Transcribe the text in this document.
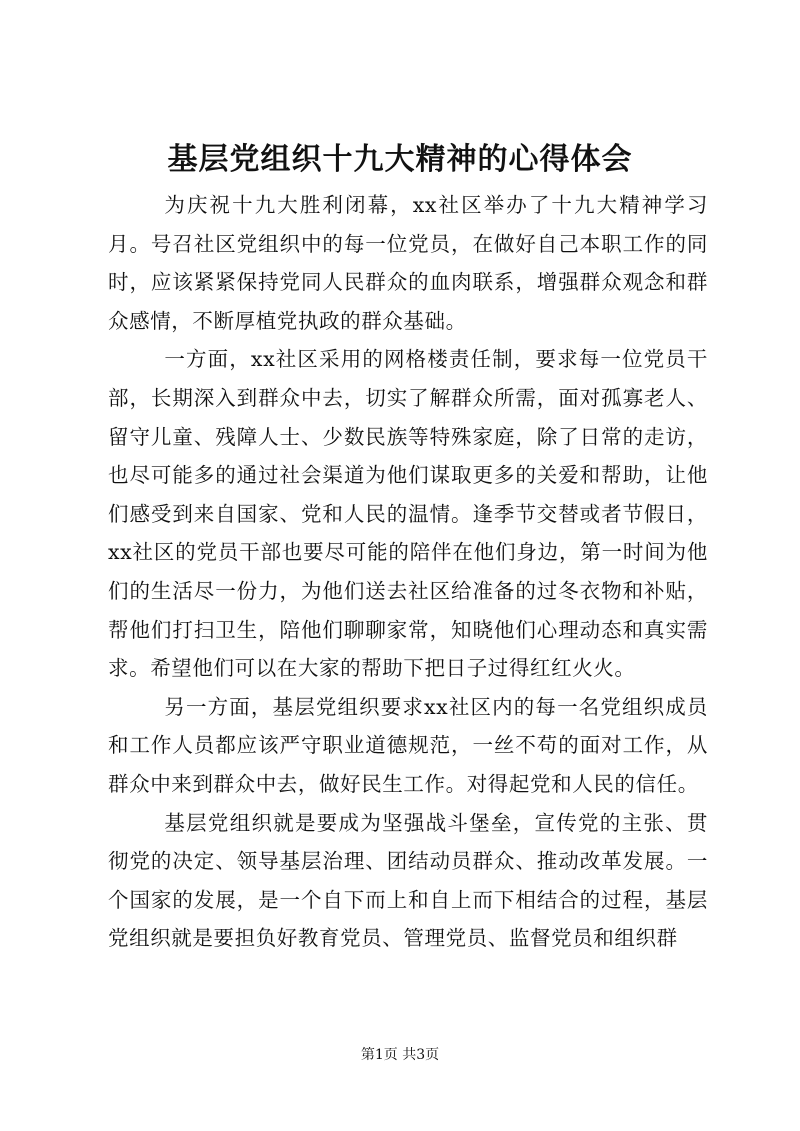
基层党组织十九大精神的心得体会

为庆祝十九大胜利闭幕，xx社区举办了十九大精神学习月。号召社区党组织中的每一位党员，在做好自己本职工作的同时，应该紧紧保持党同人民群众的血肉联系，增强群众观念和群众感情，不断厚植党执政的群众基础。

一方面，xx社区采用的网格楼责任制，要求每一位党员干部，长期深入到群众中去，切实了解群众所需，面对孤寡老人、留守儿童、残障人士、少数民族等特殊家庭，除了日常的走访，也尽可能多的通过社会渠道为他们谋取更多的关爱和帮助，让他们感受到来自国家、党和人民的温情。逢季节交替或者节假日，xx社区的党员干部也要尽可能的陪伴在他们身边，第一时间为他们的生活尽一份力，为他们送去社区给准备的过冬衣物和补贴，帮他们打扫卫生，陪他们聊聊家常，知晓他们心理动态和真实需求。希望他们可以在大家的帮助下把日子过得红红火火。

另一方面，基层党组织要求xx社区内的每一名党组织成员和工作人员都应该严守职业道德规范，一丝不苟的面对工作，从群众中来到群众中去，做好民生工作。对得起党和人民的信任。

基层党组织就是要成为坚强战斗堡垒，宣传党的主张、贯彻党的决定、领导基层治理、团结动员群众、推动改革发展。一个国家的发展，是一个自下而上和自上而下相结合的过程，基层党组织就是要担负好教育党员、管理党员、监督党员和组织群

第1页 共3页
